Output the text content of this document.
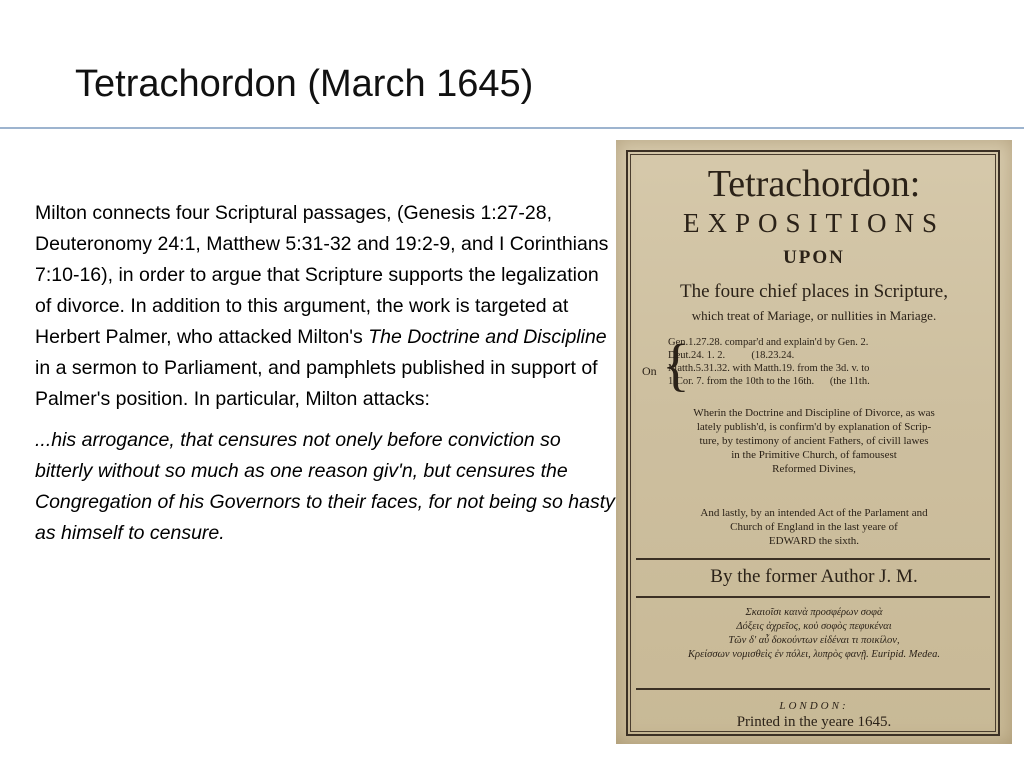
Tetrachordon (March 1645)

Milton connects four Scriptural passages, (Genesis 1:27-28, Deuteronomy 24:1, Matthew 5:31-32 and 19:2-9, and I Corinthians 7:10-16), in order to argue that Scripture supports the legalization of divorce. In addition to this argument, the work is targeted at Herbert Palmer, who attacked Milton's The Doctrine and Discipline in a sermon to Parliament, and pamphlets published in support of Palmer's position. In particular, Milton attacks:

...his arrogance, that censures not onely before conviction so bitterly without so much as one reason giv'n, but censures the Congregation of his Governors to their faces, for not being so hasty as himself to censure.

Tetrachordon:
EXPOSITIONS
UPON
The foure chief places in Scripture,
which treat of Mariage, or nullities in Mariage.
On {
Gen.1.27.28. compar'd and explain'd by Gen. 2.
Deut.24. 1. 2.          (18.23.24.
Matth.5.31.32. with Matth.19. from the 3d. v. to
1 Cor. 7. from the 10th to the 16th.      (the 11th.
Wherin the Doctrine and Discipline of Divorce, as was
lately publish'd, is confirm'd by explanation of Scrip-
ture, by testimony of ancient Fathers, of civill lawes
in the Primitive Church, of famousest
Reformed Divines,
And lastly, by an intended Act of the Parlament and
Church of England in the last yeare of
EDWARD the sixth.
By the former Author J. M.
Σκαιοῖσι καινὰ προσφέρων σοφὰ
Δόξεις ἀχρεῖος, κοὐ σοφὸς πεφυκέναι
Τῶν δ' αὖ δοκούντων εἰδέναι τι ποικίλον,
Κρείσσων νομισθεὶς ἐν πόλει, λυπρὸς φανῇ. Euripid. Medea.
LONDON:
Printed in the yeare 1645.
